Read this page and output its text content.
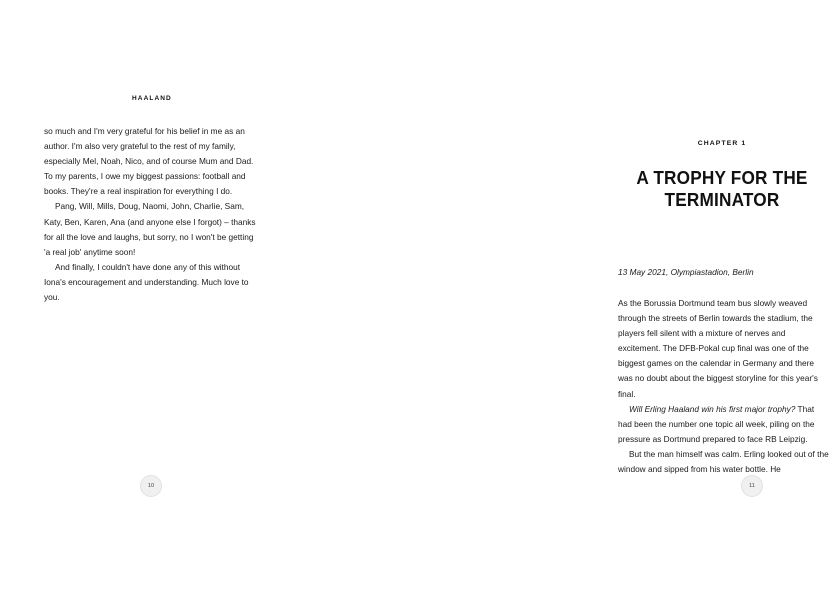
HAALAND

so much and I'm very grateful for his belief in me as an author. I'm also very grateful to the rest of my family, especially Mel, Noah, Nico, and of course Mum and Dad. To my parents, I owe my biggest passions: football and books. They're a real inspiration for everything I do.

Pang, Will, Mills, Doug, Naomi, John, Charlie, Sam, Katy, Ben, Karen, Ana (and anyone else I forgot) – thanks for all the love and laughs, but sorry, no I won't be getting 'a real job' anytime soon!

And finally, I couldn't have done any of this without Iona's encouragement and understanding. Much love to you.

10
CHAPTER 1
A TROPHY FOR THE
TERMINATOR
13 May 2021, Olympiastadion, Berlin

As the Borussia Dortmund team bus slowly weaved through the streets of Berlin towards the stadium, the players fell silent with a mixture of nerves and excitement. The DFB-Pokal cup final was one of the biggest games on the calendar in Germany and there was no doubt about the biggest storyline for this year's final.

Will Erling Haaland win his first major trophy? That had been the number one topic all week, piling on the pressure as Dortmund prepared to face RB Leipzig.

But the man himself was calm. Erling looked out of the window and sipped from his water bottle. He

11
